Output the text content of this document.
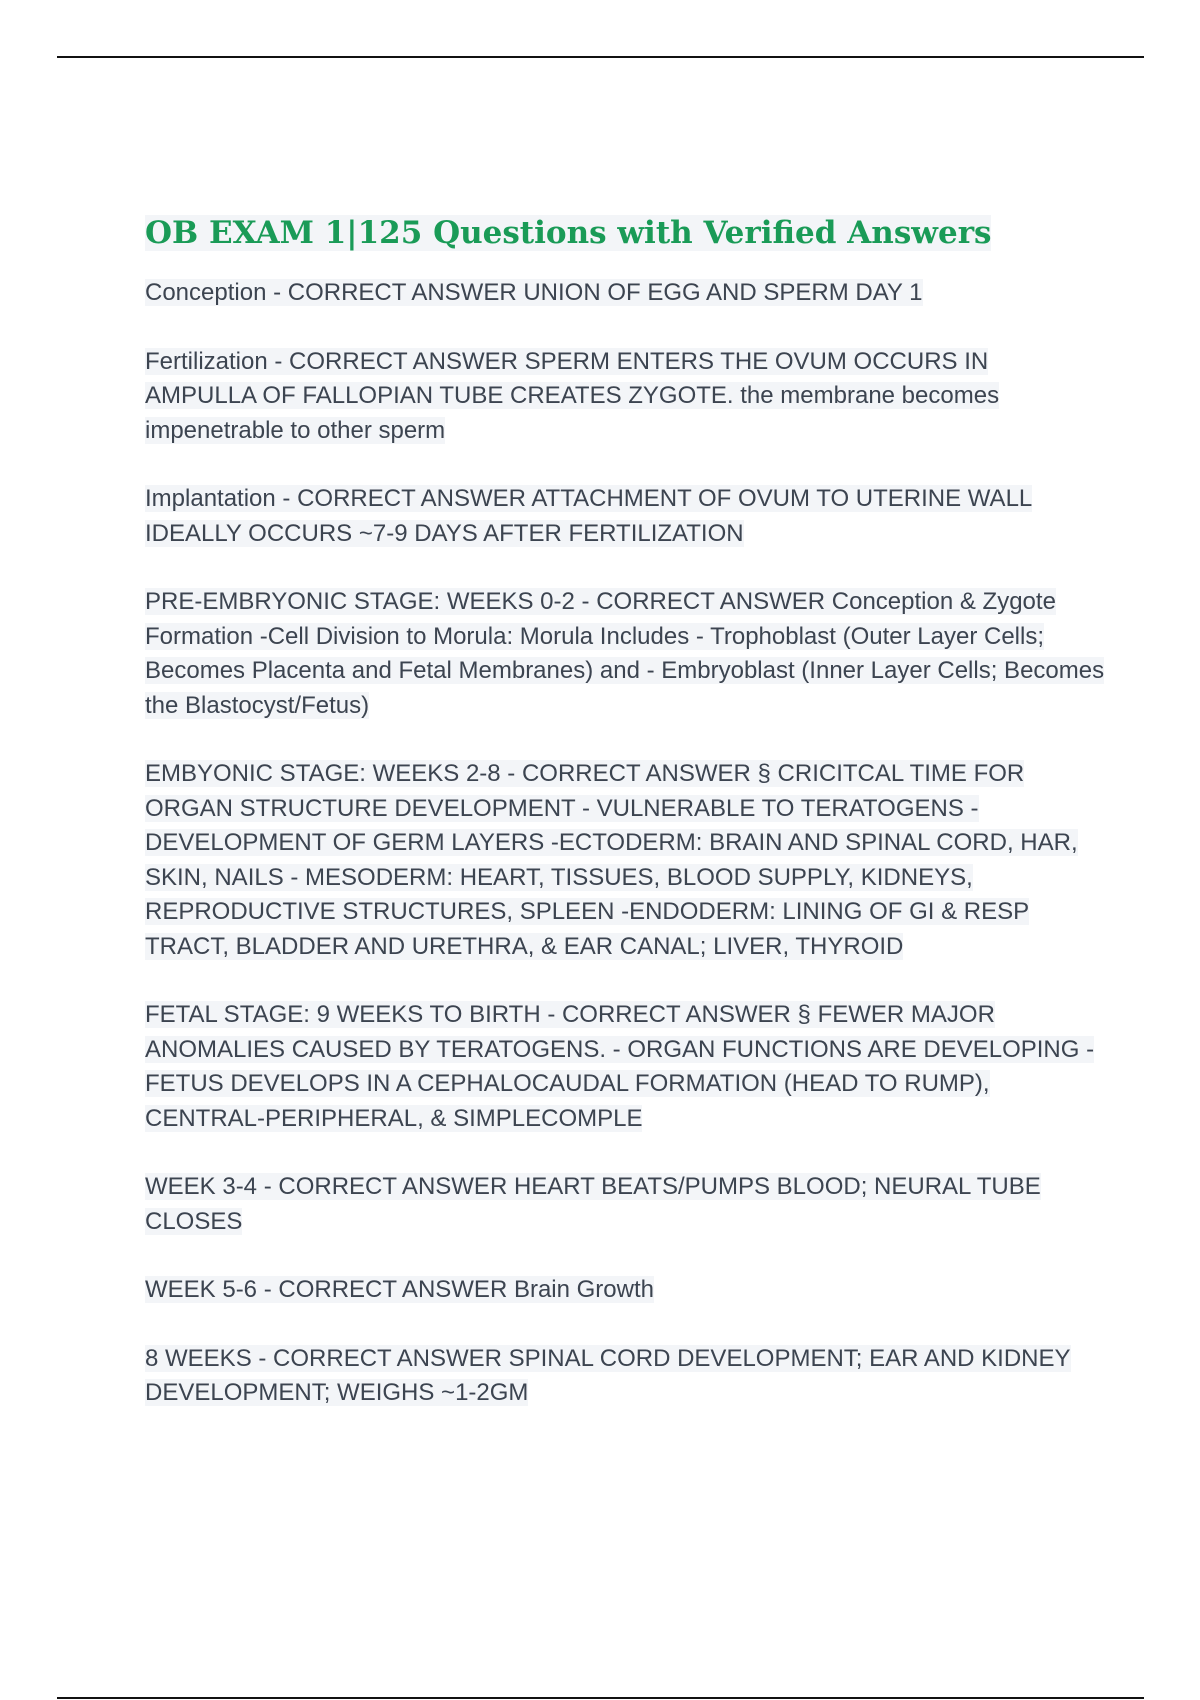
OB EXAM 1|125 Questions with Verified Answers
Conception - CORRECT ANSWER UNION OF EGG AND SPERM DAY 1
Fertilization - CORRECT ANSWER SPERM ENTERS THE OVUM OCCURS IN AMPULLA OF FALLOPIAN TUBE CREATES ZYGOTE. the membrane becomes impenetrable to other sperm
Implantation - CORRECT ANSWER ATTACHMENT OF OVUM TO UTERINE WALL IDEALLY OCCURS ~7-9 DAYS AFTER FERTILIZATION
PRE-EMBRYONIC STAGE: WEEKS 0-2 - CORRECT ANSWER Conception & Zygote Formation -Cell Division to Morula: Morula Includes - Trophoblast (Outer Layer Cells; Becomes Placenta and Fetal Membranes) and - Embryoblast (Inner Layer Cells; Becomes the Blastocyst/Fetus)
EMBYONIC STAGE: WEEKS 2-8 - CORRECT ANSWER § CRICITCAL TIME FOR ORGAN STRUCTURE DEVELOPMENT - VULNERABLE TO TERATOGENS - DEVELOPMENT OF GERM LAYERS -ECTODERM: BRAIN AND SPINAL CORD, HAR, SKIN, NAILS - MESODERM: HEART, TISSUES, BLOOD SUPPLY, KIDNEYS, REPRODUCTIVE STRUCTURES, SPLEEN -ENDODERM: LINING OF GI & RESP TRACT, BLADDER AND URETHRA, & EAR CANAL; LIVER, THYROID
FETAL STAGE: 9 WEEKS TO BIRTH - CORRECT ANSWER § FEWER MAJOR ANOMALIES CAUSED BY TERATOGENS. - ORGAN FUNCTIONS ARE DEVELOPING - FETUS DEVELOPS IN A CEPHALOCAUDAL FORMATION (HEAD TO RUMP), CENTRAL-PERIPHERAL, & SIMPLECOMPLE
WEEK 3-4 - CORRECT ANSWER HEART BEATS/PUMPS BLOOD; NEURAL TUBE CLOSES
WEEK 5-6 - CORRECT ANSWER Brain Growth
8 WEEKS - CORRECT ANSWER SPINAL CORD DEVELOPMENT; EAR AND KIDNEY DEVELOPMENT; WEIGHS ~1-2GM
